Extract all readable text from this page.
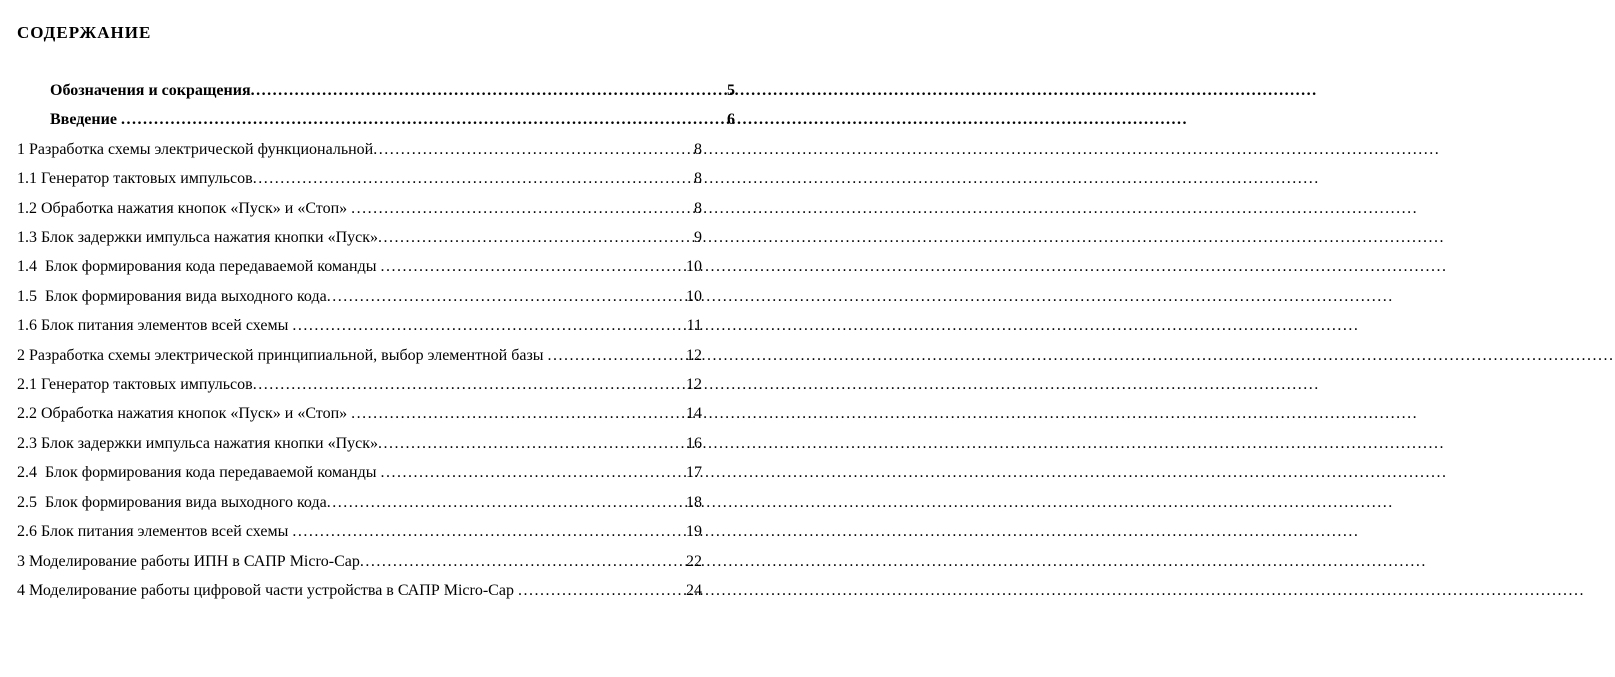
СОДЕРЖАНИЕ
Обозначения и сокращения .....	5
Введение .....	6
1 Разработка схемы электрической функциональной .....	8
1.1 Генератор тактовых импульсов .....	8
1.2 Обработка нажатия кнопок «Пуск» и «Стоп» .....	8
1.3 Блок задержки импульса нажатия кнопки «Пуск» .....	9
1.4  Блок формирования кода передаваемой команды .....	10
1.5  Блок формирования вида выходного кода .....	10
1.6 Блок питания элементов всей схемы .....	11
2 Разработка схемы электрической принципиальной, выбор элементной базы .....	12
2.1 Генератор тактовых импульсов .....	12
2.2 Обработка нажатия кнопок «Пуск» и «Стоп» .....	14
2.3 Блок задержки импульса нажатия кнопки «Пуск» .....	16
2.4  Блок формирования кода передаваемой команды .....	17
2.5  Блок формирования вида выходного кода .....	18
2.6 Блок питания элементов всей схемы .....	19
3 Моделирование работы ИПН в САПР Micro-Cap .....	22
4 Моделирование работы цифровой части устройства в САПР Micro-Cap .....	24
